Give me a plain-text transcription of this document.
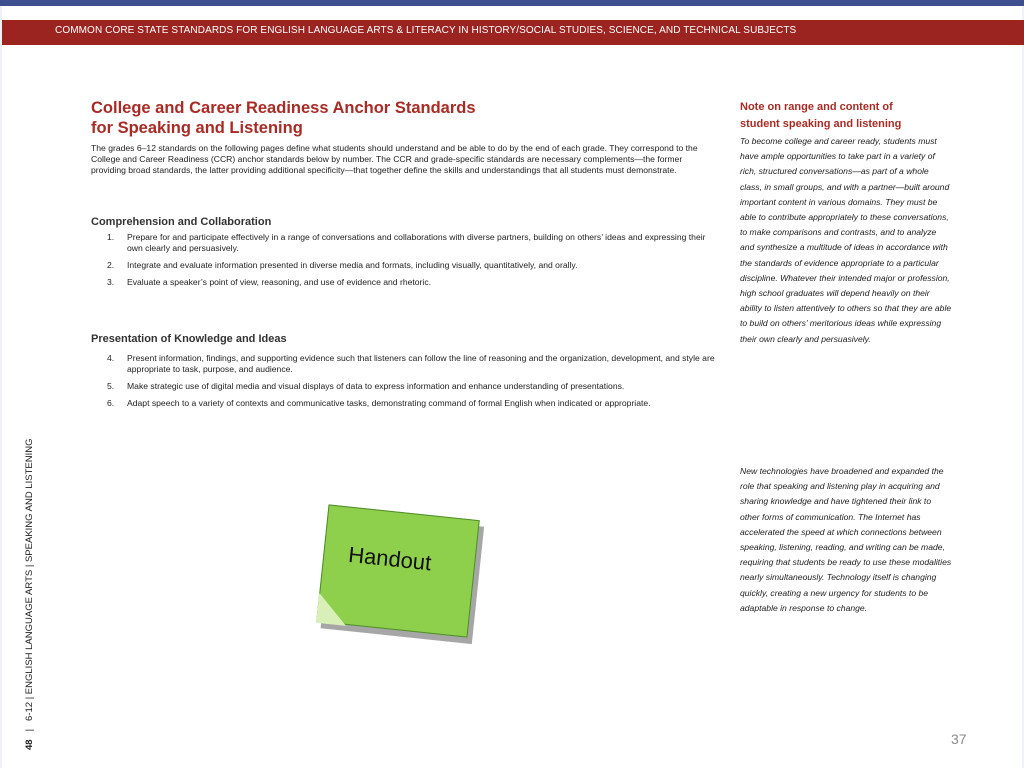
COMMON CORE STATE STANDARDS FOR ENGLISH LANGUAGE ARTS & LITERACY IN HISTORY/SOCIAL STUDIES, SCIENCE, AND TECHNICAL SUBJECTS
College and Career Readiness Anchor Standards
for Speaking and Listening

The grades 6–12 standards on the following pages define what students should understand and be able to do by the end of each grade. They correspond to the College and Career Readiness (CCR) anchor standards below by number. The CCR and grade-specific standards are necessary complements—the former providing broad standards, the latter providing additional specificity—that together define the skills and understandings that all students must demonstrate.

Comprehension and Collaboration
1.	Prepare for and participate effectively in a range of conversations and collaborations with diverse partners, building on others’ ideas and expressing their own clearly and persuasively.
2.	Integrate and evaluate information presented in diverse media and formats, including visually, quantitatively, and orally.
3.	Evaluate a speaker’s point of view, reasoning, and use of evidence and rhetoric.
Presentation of Knowledge and Ideas
4.	Present information, findings, and supporting evidence such that listeners can follow the line of reasoning and the organization, development, and style are appropriate to task, purpose, and audience.
5.	Make strategic use of digital media and visual displays of data to express information and enhance understanding of presentations.
6.	Adapt speech to a variety of contexts and communicative tasks, demonstrating command of formal English when indicated or appropriate.
Note on range and content of
student speaking and listening

To become college and career ready, students must have ample opportunities to take part in a variety of rich, structured conversations—as part of a whole class, in small groups, and with a partner—built around important content in various domains. They must be able to contribute appropriately to these conversations, to make comparisons and contrasts, and to analyze and synthesize a multitude of ideas in accordance with the standards of evidence appropriate to a particular discipline. Whatever their intended major or profession, high school graduates will depend heavily on their ability to listen attentively to others so that they are able to build on others’ meritorious ideas while expressing their own clearly and persuasively.

New technologies have broadened and expanded the role that speaking and listening play in acquiring and sharing knowledge and have tightened their link to other forms of communication. The Internet has accelerated the speed at which connections between speaking, listening, reading, and writing can be made, requiring that students be ready to use these modalities nearly simultaneously. Technology itself is changing quickly, creating a new urgency for students to be adaptable in response to change.

48|6-12 | ENGLISH LANGUAGE ARTS | SPEAKING AND LISTENING	Handout
37
